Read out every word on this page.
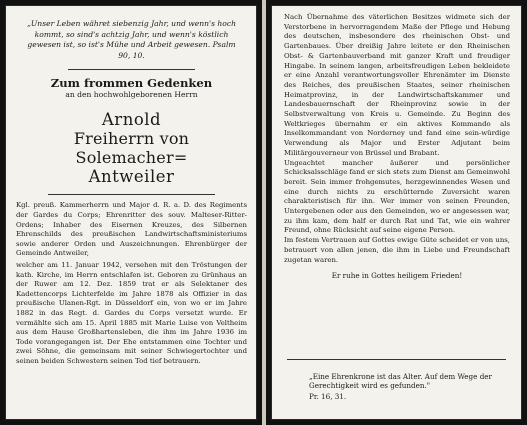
„Unser Leben währet siebenzig Jahr, und wenn's hoch kommt, so sind's achtzig Jahr, und wenn's köstlich gewesen ist, so ist's Mühe und Arbeit gewesen. Psalm 90, 10.
Zum frommen Gedenken
an den hochwohlgeborenen Herrn
Arnold
Freiherrn von Solemacher=
Antweiler
Kgl. preuß. Kammerherrn und Major d. R. a. D. des Regiments der Gardes du Corps; Ehrenritter des souv. Malteser-Ritter-Ordens; Inhaber des Eisernen Kreuzes, des Silbernen Ehrenschilds des preußischen Landwirtschaftsministeriums sowie anderer Orden und Auszeichnungen. Ehrenbürger der Gemeinde Antweiler,
welcher am 11. Januar 1942, versehen mit den Tröstungen der kath. Kirche, im Herrn entschlafen ist. Geboren zu Grünhaus an der Ruwer am 12. Dez. 1859 trat er als Selektaner des Kadettencorps Lichterfelde im Jahre 1878 als Offizier in das preußische Ulanen-Rgt. in Düsseldorf ein, von wo er im Jahre 1882 in das Regt. d. Gardes du Corps versetzt wurde. Er vermählte sich am 15. April 1885 mit Marie Luise von Veltheim aus dem Hause Großhartensleben, die ihm im Jahre 1936 im Tode vorangegangen ist. Der Ehe entstammen eine Tochter und zwei Söhne, die gemeinsam mit seiner Schwiegertochter und seinen beiden Schwestern seinen Tod tief betrauern.

Nach Übernahme des väterlichen Besitzes widmete sich der Verstorbene in hervorragendem Maße der Pflege und Hebung des deutschen, insbesondere des rheinischen Obst- und Gartenbaues. Über dreißig Jahre leitete er den Rheinischen Obst- & Gartenbauverband mit ganzer Kraft und freudiger Hingabe. In seinem langen, arbeitsfreudigen Leben bekleidete er eine Anzahl verantwortungsvoller Ehrenämter im Dienste des Reiches, des preußischen Staates, seiner rheinischen Heimatprovinz, in der Landwirtschaftskammer und Landesbauernschaft der Rheinprovinz sowie in der Selbstverwaltung von Kreis u. Gemeinde. Zu Beginn des Weltkrieges übernahm er ein aktives Kommando als Inselkommandant von Norderney und fand eine sein-würdige Verwendung als Major und Erster Adjutant beim Militärgouverneur von Brüssel und Brabant.

Ungeachtet mancher äußerer und persönlicher Schicksalsschläge fand er sich stets zum Dienst am Gemeinwohl bereit. Sein immer frohgemutes, herzgewinnendes Wesen und eine durch nichts zu erschütternde Zuversicht waren charakteristisch für ihn. Wer immer von seinen Freunden, Untergebenen oder aus den Gemeinden, wo er angesessen war, zu ihm kam, dem half er durch Rat und Tat, wie ein wahrer Freund, ohne Rücksicht auf seine eigene Person.

Im festem Vertrauen auf Gottes ewige Güte scheidet er von uns, betrauert von allen jenen, die ihm in Liebe und Freundschaft zugetan waren.

Er ruhe in Gottes heiligem Frieden!
„Eine Ehrenkrone ist das Alter. Auf dem Wege der Gerechtigkeit wird es gefunden."
Pr. 16, 31.
